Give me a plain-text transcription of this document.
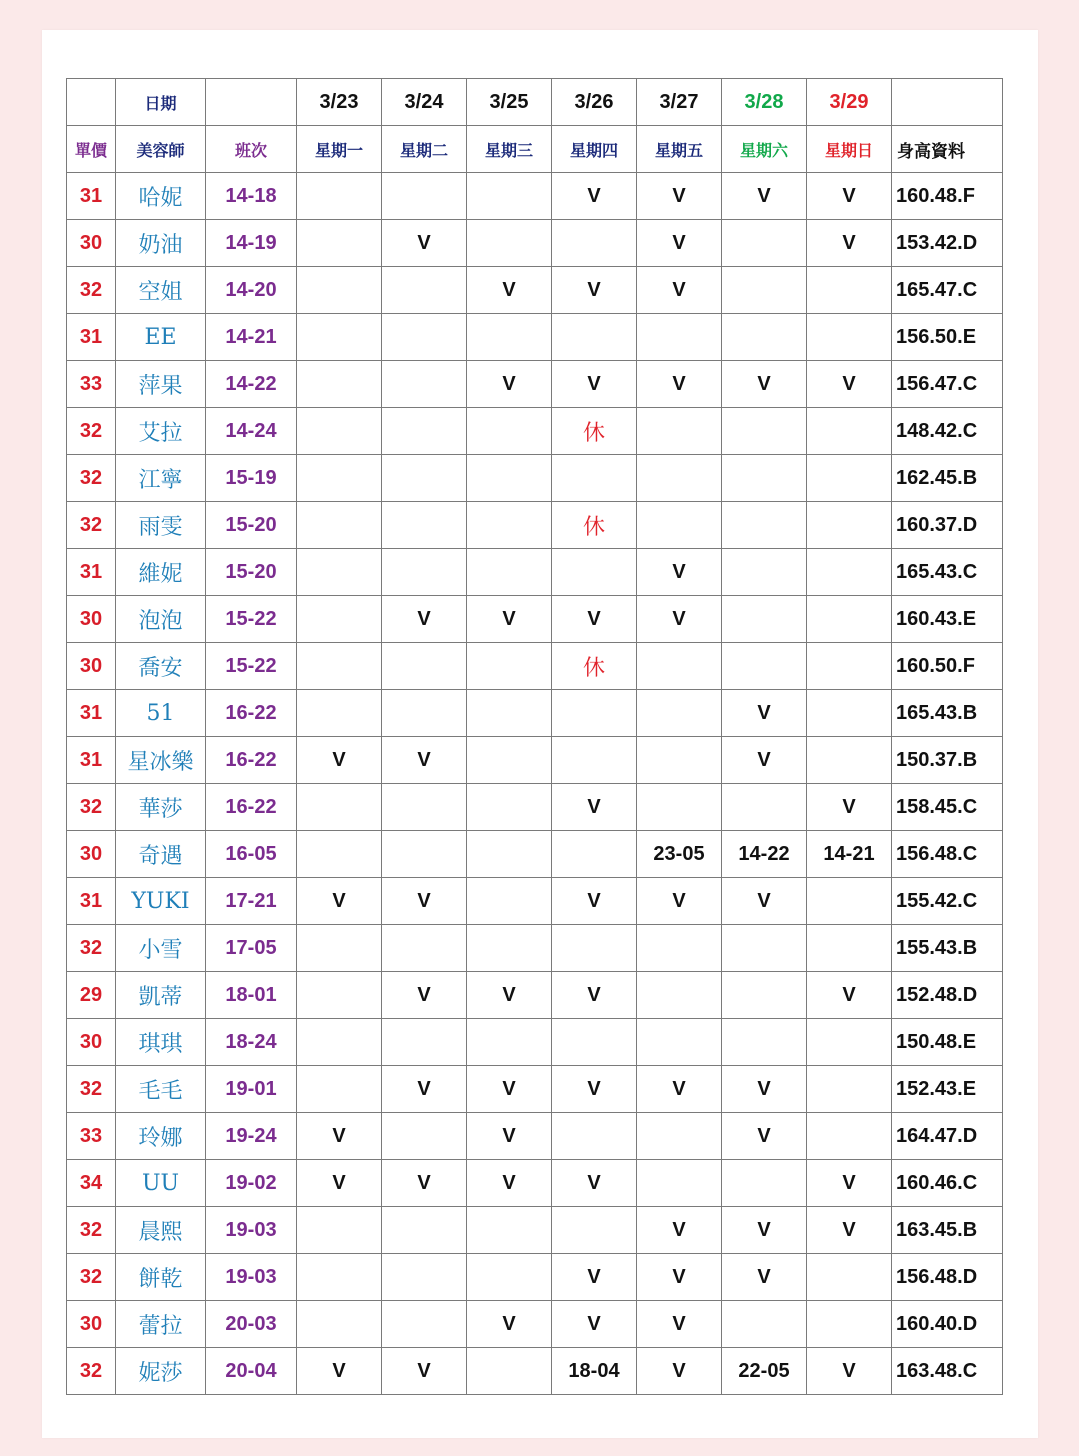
	日期		3/23	3/24	3/25	3/26	3/27	3/28	3/29	
單價	美容師	班次	星期一	星期二	星期三	星期四	星期五	星期六	星期日	身高資料
31	哈妮	14-18				V	V	V	V	160.48.F
30	奶油	14-19		V			V		V	153.42.D
32	空姐	14-20			V	V	V			165.47.C
31	EE	14-21								156.50.E
33	萍果	14-22			V	V	V	V	V	156.47.C
32	艾拉	14-24				休				148.42.C
32	江寧	15-19								162.45.B
32	雨雯	15-20				休				160.37.D
31	維妮	15-20					V			165.43.C
30	泡泡	15-22		V	V	V	V			160.43.E
30	喬安	15-22				休				160.50.F
31	51	16-22						V		165.43.B
31	星冰樂	16-22	V	V				V		150.37.B
32	華莎	16-22				V			V	158.45.C
30	奇遇	16-05					23-05	14-22	14-21	156.48.C
31	YUKI	17-21	V	V		V	V	V		155.42.C
32	小雪	17-05								155.43.B
29	凱蒂	18-01		V	V	V			V	152.48.D
30	琪琪	18-24								150.48.E
32	毛毛	19-01		V	V	V	V	V		152.43.E
33	玲娜	19-24	V		V			V		164.47.D
34	UU	19-02	V	V	V	V			V	160.46.C
32	晨熙	19-03					V	V	V	163.45.B
32	餅乾	19-03				V	V	V		156.48.D
30	蕾拉	20-03			V	V	V			160.40.D
32	妮莎	20-04	V	V		18-04	V	22-05	V	163.48.C
